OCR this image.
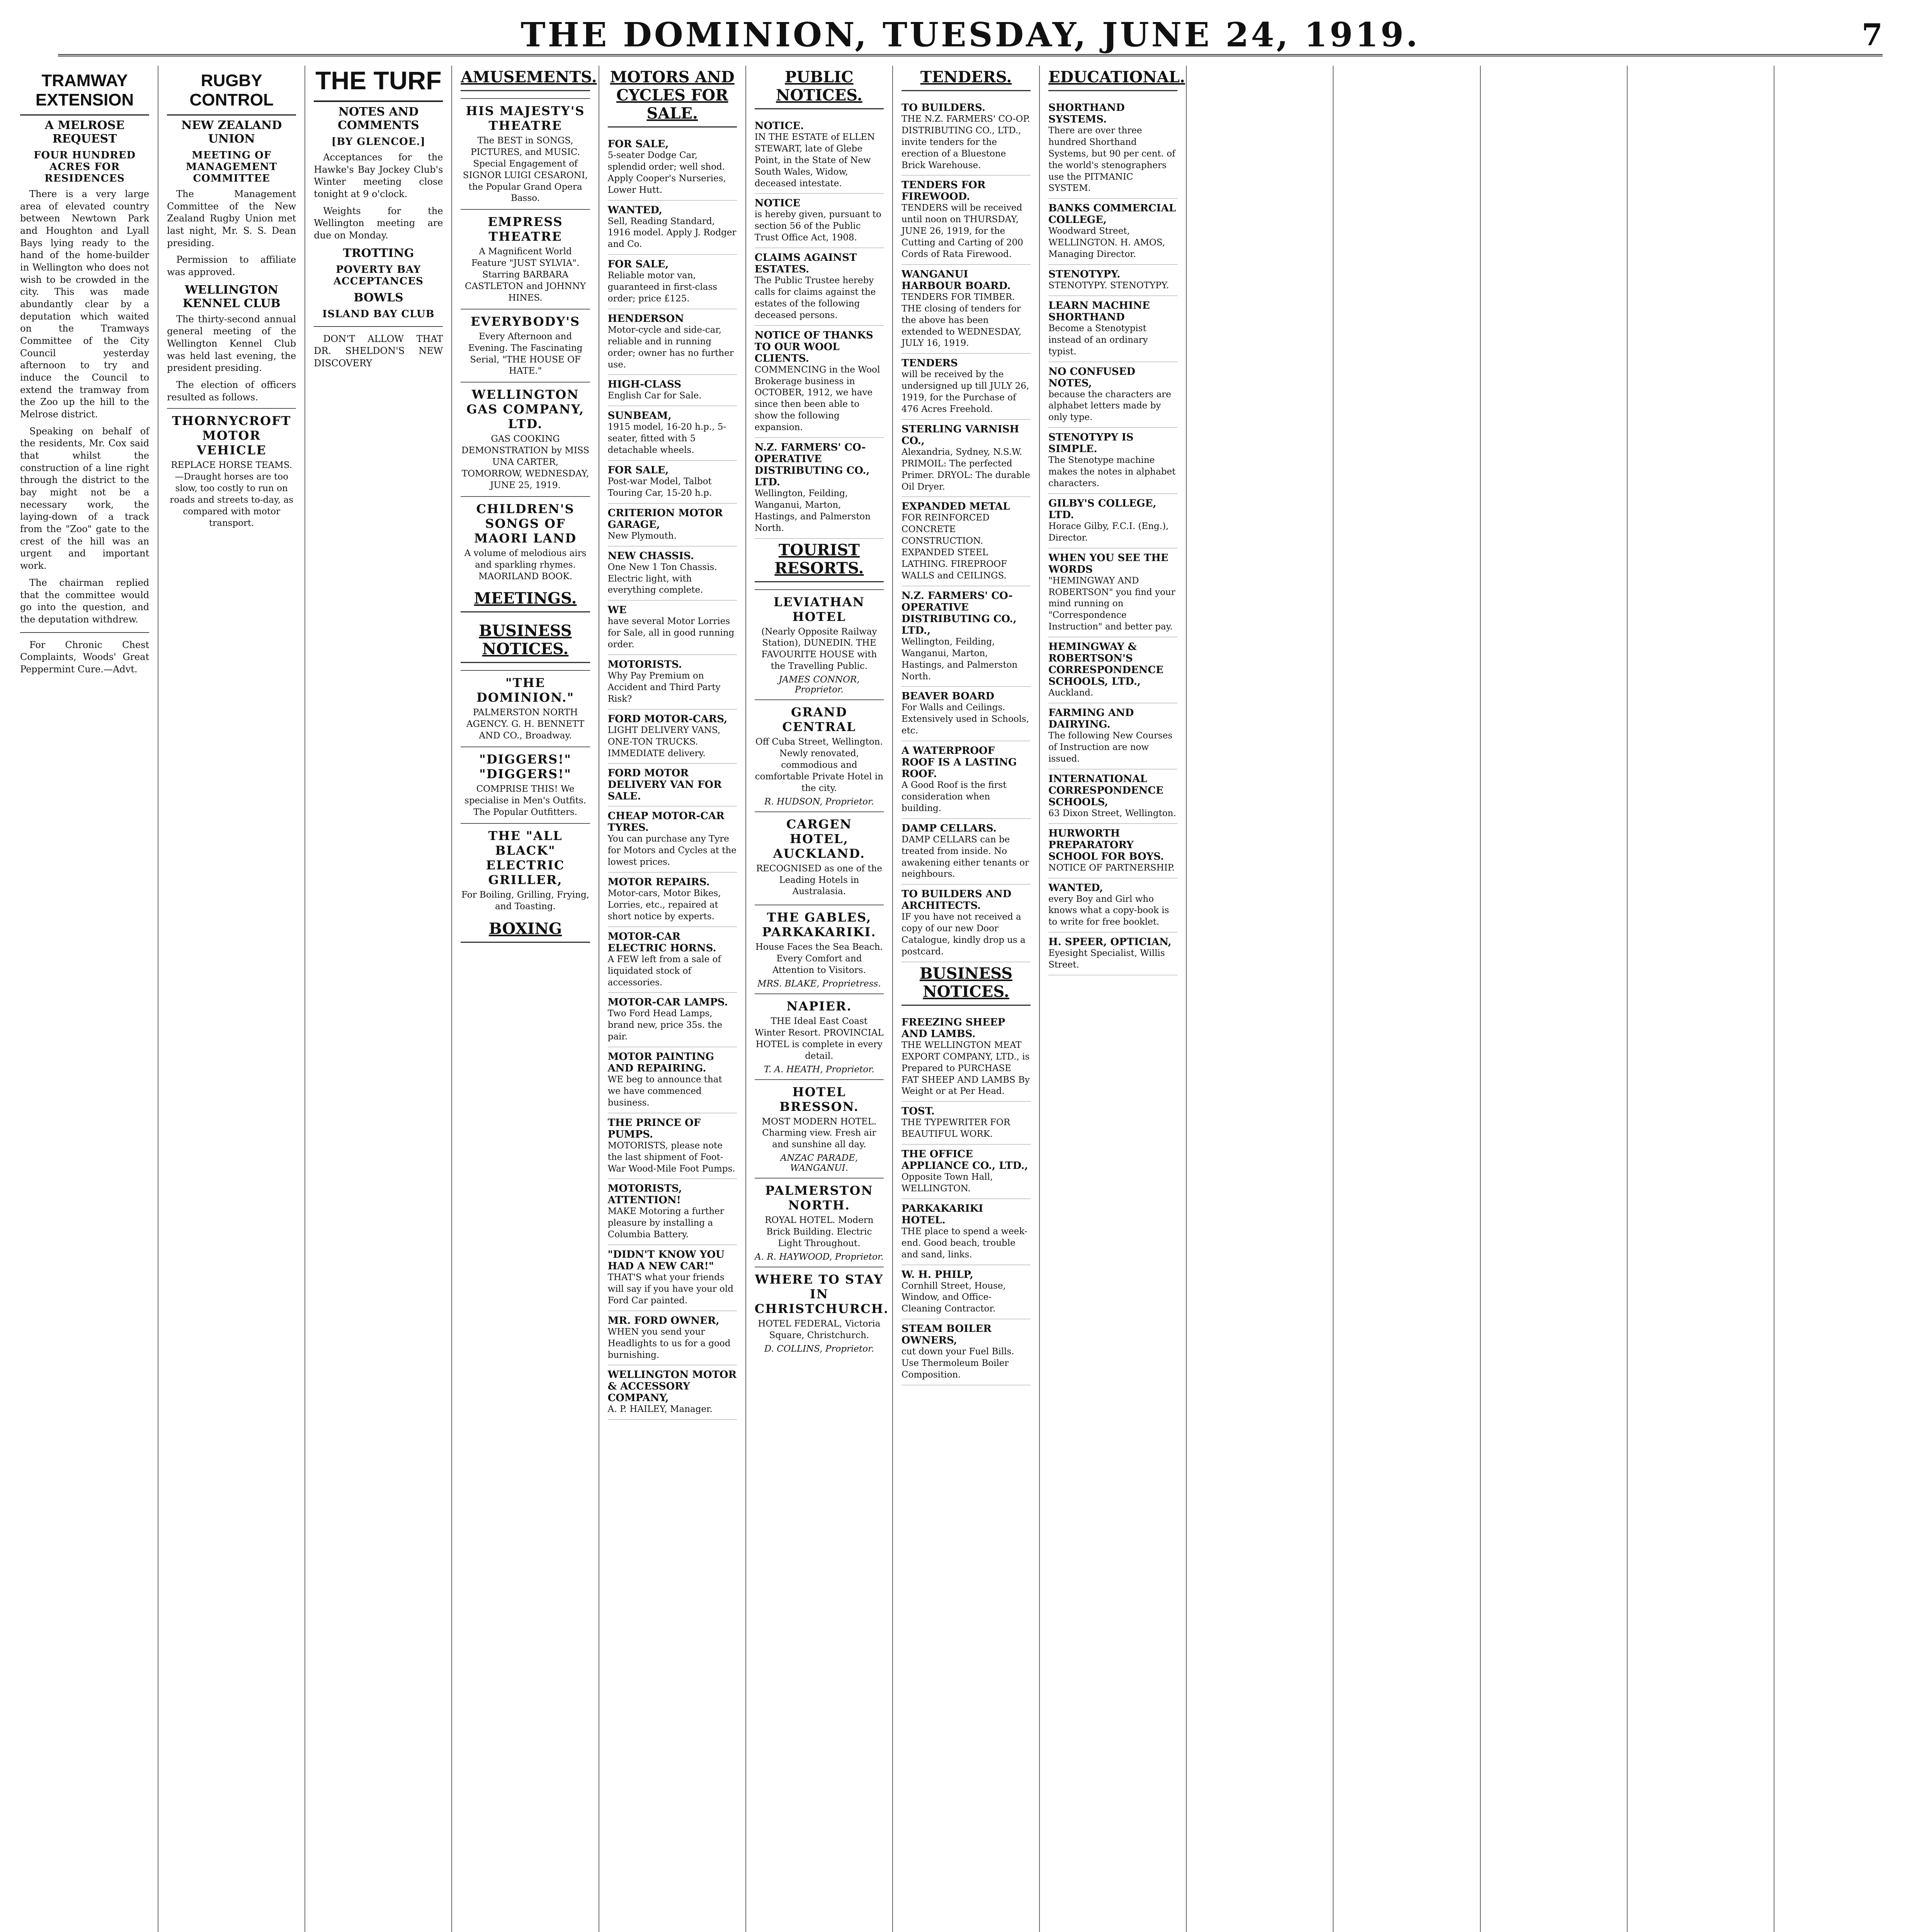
THE DOMINION, TUESDAY, JUNE 24, 1919.	7
TRAMWAY EXTENSION
A MELROSE REQUEST
FOUR HUNDRED ACRES FOR RESIDENCES

There is a very large area of elevated country between Newtown Park and Houghton and Lyall Bays lying ready to the hand of the home-builder in Wellington who does not wish to be crowded in the city. This was made abundantly clear by a deputation which waited on the Tramways Committee of the City Council yesterday afternoon to try and induce the Council to extend the tramway from the Zoo up the hill to the Melrose district.

Speaking on behalf of the residents, Mr. Cox said that whilst the construction of a line right through the district to the bay might not be a necessary work, the laying-down of a track from the "Zoo" gate to the crest of the hill was an urgent and important work.

The chairman replied that the committee would go into the question, and the deputation withdrew.

For Chronic Chest Complaints, Woods' Great Peppermint Cure.—Advt.

RUGBY CONTROL
NEW ZEALAND UNION
MEETING OF MANAGEMENT COMMITTEE

The Management Committee of the New Zealand Rugby Union met last night, Mr. S. S. Dean presiding.

Permission to affiliate was approved.

WELLINGTON KENNEL CLUB

The thirty-second annual general meeting of the Wellington Kennel Club was held last evening, the president presiding.

The election of officers resulted as follows.

THORNYCROFT MOTOR VEHICLE
REPLACE HORSE TEAMS.—Draught horses are too slow, too costly to run on roads and streets to-day, as compared with motor transport.
THE TURF
NOTES AND COMMENTS
[BY GLENCOE.]

Acceptances for the Hawke's Bay Jockey Club's Winter meeting close tonight at 9 o'clock.

Weights for the Wellington meeting are due on Monday.

TROTTING
POVERTY BAY ACCEPTANCES
BOWLS
ISLAND BAY CLUB

DON'T ALLOW THAT DR. SHELDON'S NEW DISCOVERY

AMUSEMENTS.
HIS MAJESTY'S THEATRE
The BEST in SONGS, PICTURES, and MUSIC. Special Engagement of SIGNOR LUIGI CESARONI, the Popular Grand Opera Basso.
EMPRESS THEATRE
A Magnificent World Feature "JUST SYLVIA". Starring BARBARA CASTLETON and JOHNNY HINES.
EVERYBODY'S
Every Afternoon and Evening. The Fascinating Serial, "THE HOUSE OF HATE."
WELLINGTON GAS COMPANY, LTD.
GAS COOKING DEMONSTRATION by MISS UNA CARTER, TOMORROW, WEDNESDAY, JUNE 25, 1919.
CHILDREN'S SONGS OF MAORI LAND
A volume of melodious airs and sparkling rhymes. MAORILAND BOOK.
MEETINGS.
BUSINESS NOTICES.
"THE DOMINION."
PALMERSTON NORTH AGENCY. G. H. BENNETT AND CO., Broadway.
"DIGGERS!" "DIGGERS!"
COMPRISE THIS! We specialise in Men's Outfits. The Popular Outfitters.
THE "ALL BLACK" ELECTRIC GRILLER,
For Boiling, Grilling, Frying, and Toasting.
BOXING
MOTORS AND CYCLES FOR SALE.
FOR SALE,
5-seater Dodge Car, splendid order; well shod. Apply Cooper's Nurseries, Lower Hutt.
WANTED,
Sell, Reading Standard, 1916 model. Apply J. Rodger and Co.
FOR SALE,
Reliable motor van, guaranteed in first-class order; price £125.
HENDERSON
Motor-cycle and side-car, reliable and in running order; owner has no further use.
HIGH-CLASS
English Car for Sale.
SUNBEAM,
1915 model, 16-20 h.p., 5-seater, fitted with 5 detachable wheels.
FOR SALE,
Post-war Model, Talbot Touring Car, 15-20 h.p.
CRITERION MOTOR GARAGE,
New Plymouth.
NEW CHASSIS.
One New 1 Ton Chassis. Electric light, with everything complete.
WE
have several Motor Lorries for Sale, all in good running order.
MOTORISTS.
Why Pay Premium on Accident and Third Party Risk?
FORD MOTOR-CARS,
LIGHT DELIVERY VANS, ONE-TON TRUCKS. IMMEDIATE delivery.
FORD MOTOR DELIVERY VAN FOR SALE.
CHEAP MOTOR-CAR TYRES.
You can purchase any Tyre for Motors and Cycles at the lowest prices.
MOTOR REPAIRS.
Motor-cars, Motor Bikes, Lorries, etc., repaired at short notice by experts.
MOTOR-CAR ELECTRIC HORNS.
A FEW left from a sale of liquidated stock of accessories.
MOTOR-CAR LAMPS.
Two Ford Head Lamps, brand new, price 35s. the pair.
MOTOR PAINTING AND REPAIRING.
WE beg to announce that we have commenced business.
THE PRINCE OF PUMPS.
MOTORISTS, please note the last shipment of Foot-War Wood-Mile Foot Pumps.
MOTORISTS, ATTENTION!
MAKE Motoring a further pleasure by installing a Columbia Battery.
"DIDN'T KNOW YOU HAD A NEW CAR!"
THAT'S what your friends will say if you have your old Ford Car painted.
MR. FORD OWNER,
WHEN you send your Headlights to us for a good burnishing.
WELLINGTON MOTOR & ACCESSORY COMPANY,
A. P. HAILEY, Manager.
PUBLIC NOTICES.
NOTICE.
IN THE ESTATE of ELLEN STEWART, late of Glebe Point, in the State of New South Wales, Widow, deceased intestate.
NOTICE
is hereby given, pursuant to section 56 of the Public Trust Office Act, 1908.
CLAIMS AGAINST ESTATES.
The Public Trustee hereby calls for claims against the estates of the following deceased persons.
NOTICE OF THANKS TO OUR WOOL CLIENTS.
COMMENCING in the Wool Brokerage business in OCTOBER, 1912, we have since then been able to show the following expansion.
N.Z. FARMERS' CO-OPERATIVE DISTRIBUTING CO., LTD.
Wellington, Feilding, Wanganui, Marton, Hastings, and Palmerston North.
TOURIST RESORTS.
LEVIATHAN HOTEL
(Nearly Opposite Railway Station), DUNEDIN. THE FAVOURITE HOUSE with the Travelling Public.
JAMES CONNOR, Proprietor.
GRAND CENTRAL
Off Cuba Street, Wellington. Newly renovated, commodious and comfortable Private Hotel in the city.
R. HUDSON, Proprietor.
CARGEN HOTEL, AUCKLAND.
RECOGNISED as one of the Leading Hotels in Australasia.
THE GABLES, PARKAKARIKI.
House Faces the Sea Beach. Every Comfort and Attention to Visitors.
MRS. BLAKE, Proprietress.
NAPIER.
THE Ideal East Coast Winter Resort. PROVINCIAL HOTEL is complete in every detail.
T. A. HEATH, Proprietor.
HOTEL BRESSON.
MOST MODERN HOTEL. Charming view. Fresh air and sunshine all day.
ANZAC PARADE, WANGANUI.
PALMERSTON NORTH.
ROYAL HOTEL. Modern Brick Building. Electric Light Throughout.
A. R. HAYWOOD, Proprietor.
WHERE TO STAY IN CHRISTCHURCH.
HOTEL FEDERAL, Victoria Square, Christchurch.
D. COLLINS, Proprietor.
TENDERS.
TO BUILDERS.
THE N.Z. FARMERS' CO-OP. DISTRIBUTING CO., LTD., invite tenders for the erection of a Bluestone Brick Warehouse.
TENDERS FOR FIREWOOD.
TENDERS will be received until noon on THURSDAY, JUNE 26, 1919, for the Cutting and Carting of 200 Cords of Rata Firewood.
WANGANUI HARBOUR BOARD.
TENDERS FOR TIMBER. THE closing of tenders for the above has been extended to WEDNESDAY, JULY 16, 1919.
TENDERS
will be received by the undersigned up till JULY 26, 1919, for the Purchase of 476 Acres Freehold.
STERLING VARNISH CO.,
Alexandria, Sydney, N.S.W. PRIMOIL: The perfected Primer. DRYOL: The durable Oil Dryer.
EXPANDED METAL
FOR REINFORCED CONCRETE CONSTRUCTION. EXPANDED STEEL LATHING. FIREPROOF WALLS and CEILINGS.
N.Z. FARMERS' CO-OPERATIVE DISTRIBUTING CO., LTD.,
Wellington, Feilding, Wanganui, Marton, Hastings, and Palmerston North.
BEAVER BOARD
For Walls and Ceilings. Extensively used in Schools, etc.
A WATERPROOF ROOF IS A LASTING ROOF.
A Good Roof is the first consideration when building.
DAMP CELLARS.
DAMP CELLARS can be treated from inside. No awakening either tenants or neighbours.
TO BUILDERS AND ARCHITECTS.
IF you have not received a copy of our new Door Catalogue, kindly drop us a postcard.
BUSINESS NOTICES.
FREEZING SHEEP AND LAMBS.
THE WELLINGTON MEAT EXPORT COMPANY, LTD., is Prepared to PURCHASE FAT SHEEP AND LAMBS By Weight or at Per Head.
TOST.
THE TYPEWRITER FOR BEAUTIFUL WORK.
THE OFFICE APPLIANCE CO., LTD.,
Opposite Town Hall, WELLINGTON.
PARKAKARIKI HOTEL.
THE place to spend a week-end. Good beach, trouble and sand, links.
W. H. PHILP,
Cornhill Street, House, Window, and Office-Cleaning Contractor.
STEAM BOILER OWNERS,
cut down your Fuel Bills. Use Thermoleum Boiler Composition.
EDUCATIONAL.
SHORTHAND SYSTEMS.
There are over three hundred Shorthand Systems, but 90 per cent. of the world's stenographers use the PITMANIC SYSTEM.
BANKS COMMERCIAL COLLEGE,
Woodward Street, WELLINGTON. H. AMOS, Managing Director.
STENOTYPY.
STENOTYPY. STENOTYPY.
LEARN MACHINE SHORTHAND
Become a Stenotypist instead of an ordinary typist.
NO CONFUSED NOTES,
because the characters are alphabet letters made by only type.
STENOTYPY IS SIMPLE.
The Stenotype machine makes the notes in alphabet characters.
GILBY'S COLLEGE, LTD.
Horace Gilby, F.C.I. (Eng.), Director.
WHEN YOU SEE THE WORDS
"HEMINGWAY AND ROBERTSON" you find your mind running on "Correspondence Instruction" and better pay.
HEMINGWAY & ROBERTSON'S CORRESPONDENCE SCHOOLS, LTD.,
Auckland.
FARMING AND DAIRYING.
The following New Courses of Instruction are now issued.
INTERNATIONAL CORRESPONDENCE SCHOOLS,
63 Dixon Street, Wellington.
HURWORTH PREPARATORY SCHOOL FOR BOYS.
NOTICE OF PARTNERSHIP.
WANTED,
every Boy and Girl who knows what a copy-book is to write for free booklet.
H. SPEER, OPTICIAN,
Eyesight Specialist, Willis Street.
